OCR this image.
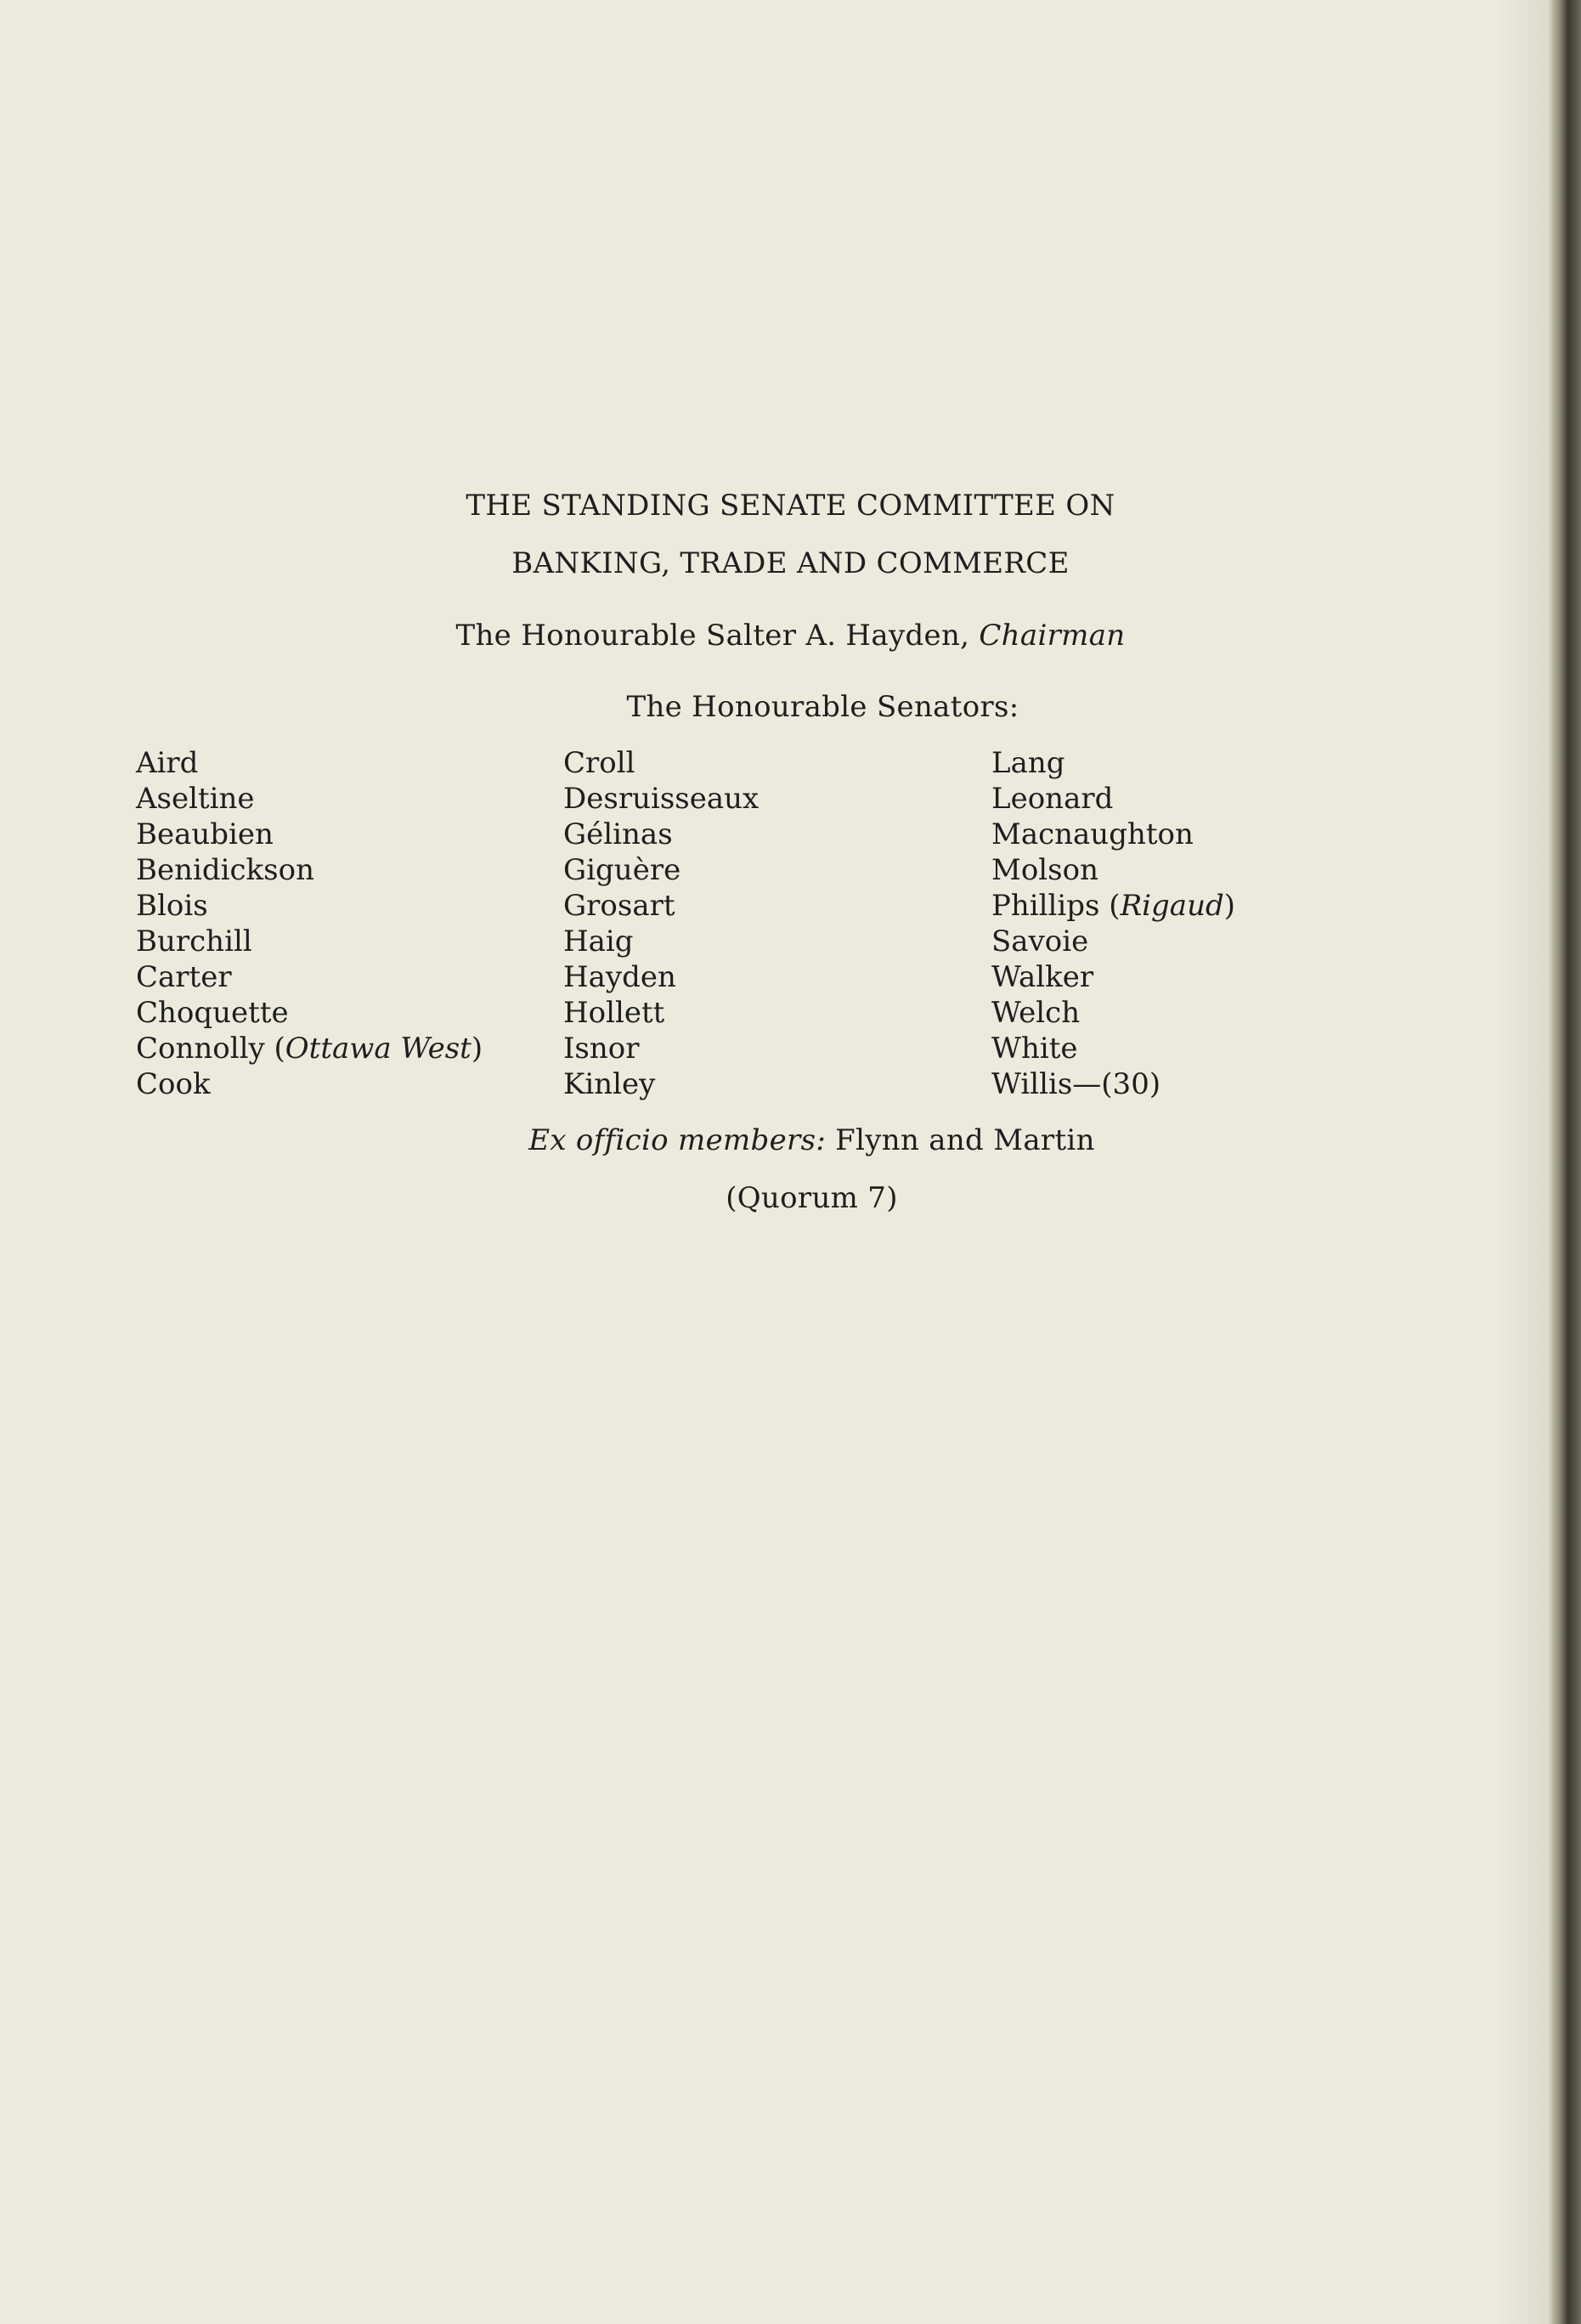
THE STANDING SENATE COMMITTEE ON
BANKING, TRADE AND COMMERCE
The Honourable Salter A. Hayden, Chairman
The Honourable Senators:
Aird
Aseltine
Beaubien
Benidickson
Blois
Burchill
Carter
Choquette
Connolly (Ottawa West)
Cook
Croll
Desruisseaux
Gélinas
Giguère
Grosart
Haig
Hayden
Hollett
Isnor
Kinley
Lang
Leonard
Macnaughton
Molson
Phillips (Rigaud)
Savoie
Walker
Welch
White
Willis—(30)
Ex officio members: Flynn and Martin
(Quorum 7)
